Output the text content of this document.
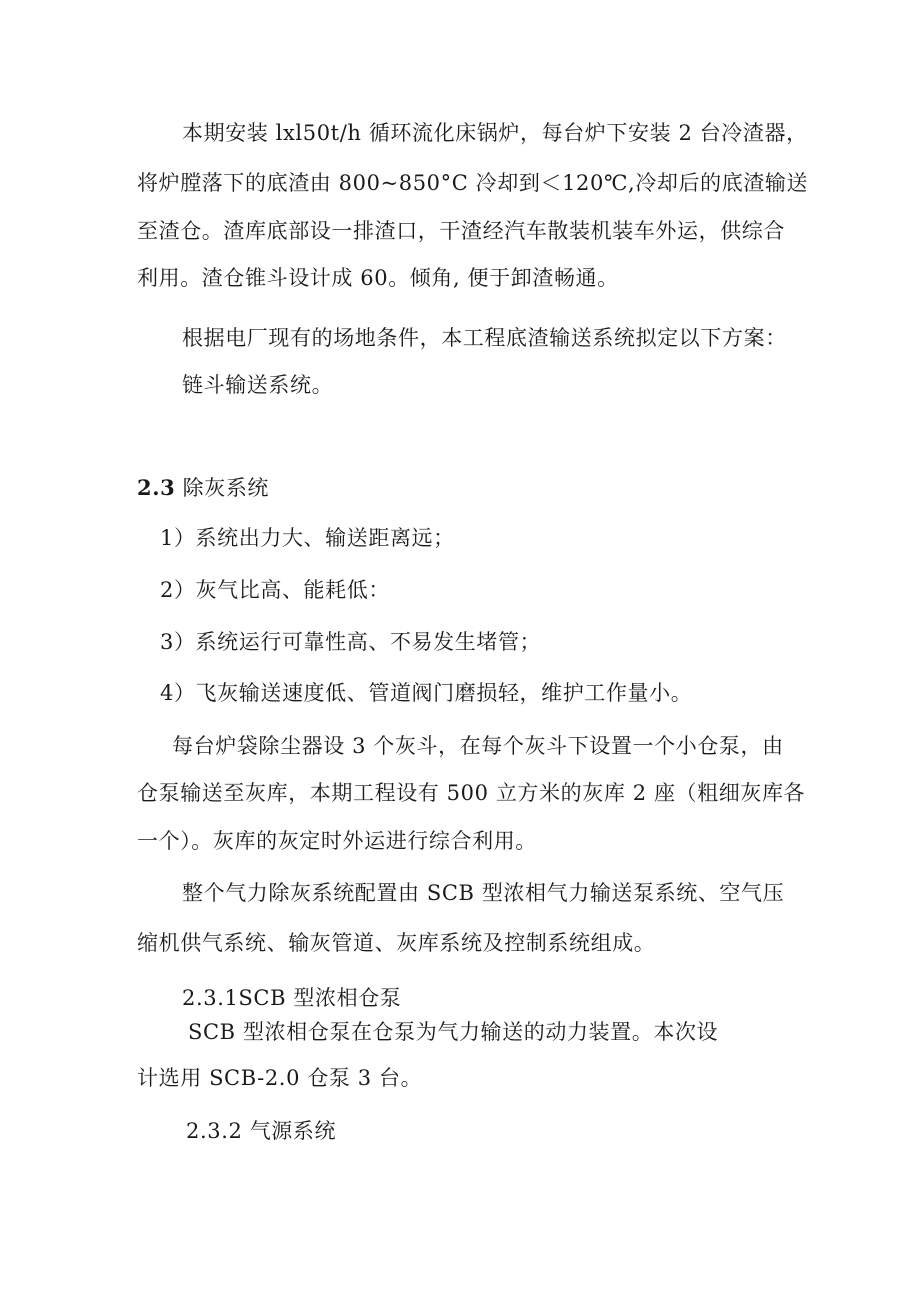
本期安装 lxl50t/h 循环流化床锅炉，每台炉下安装 2 台冷渣器，
将炉膛落下的底渣由 800~850°C 冷却到＜120℃,冷却后的底渣输送
至渣仓。渣库底部设一排渣口，干渣经汽车散装机装车外运，供综合
利用。渣仓锥斗设计成 60。倾角, 便于卸渣畅通。
根据电厂现有的场地条件，本工程底渣输送系统拟定以下方案：
链斗输送系统。
2.3 除灰系统
1）系统出力大、输送距离远；
2）灰气比高、能耗低：
3）系统运行可靠性高、不易发生堵管；
4）飞灰输送速度低、管道阀门磨损轻，维护工作量小。
每台炉袋除尘器设 3 个灰斗，在每个灰斗下设置一个小仓泵，由
仓泵输送至灰库，本期工程设有 500 立方米的灰库 2 座（粗细灰库各
一个）。灰库的灰定时外运进行综合利用。
整个气力除灰系统配置由 SCB 型浓相气力输送泵系统、空气压
缩机供气系统、输灰管道、灰库系统及控制系统组成。
2.3.1SCB 型浓相仓泵
SCB 型浓相仓泵在仓泵为气力输送的动力装置。本次设
计选用 SCB-2.0 仓泵 3 台。
2.3.2 气源系统
